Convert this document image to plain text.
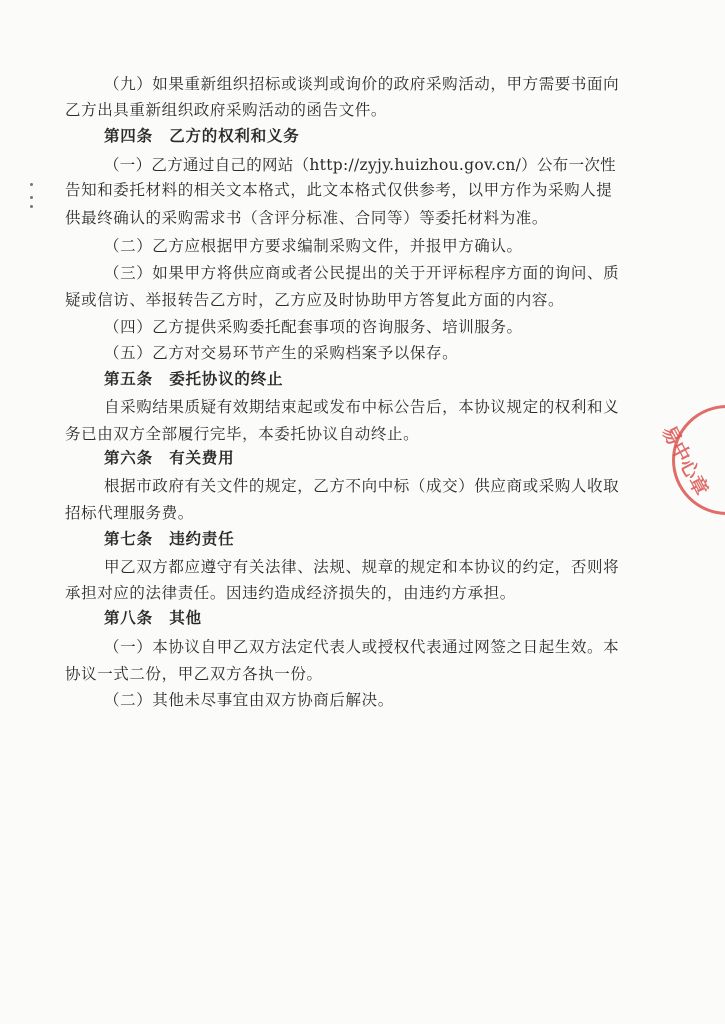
（九）如果重新组织招标或谈判或询价的政府采购活动，甲方需要书面向
乙方出具重新组织政府采购活动的函告文件。
第四条　乙方的权利和义务
（一）乙方通过自己的网站（http://zyjy.huizhou.gov.cn/）公布一次性
告知和委托材料的相关文本格式，此文本格式仅供参考，以甲方作为采购人提
供最终确认的采购需求书（含评分标准、合同等）等委托材料为准。
（二）乙方应根据甲方要求编制采购文件，并报甲方确认。
（三）如果甲方将供应商或者公民提出的关于开评标程序方面的询问、质
疑或信访、举报转告乙方时，乙方应及时协助甲方答复此方面的内容。
（四）乙方提供采购委托配套事项的咨询服务、培训服务。
（五）乙方对交易环节产生的采购档案予以保存。
第五条　委托协议的终止
自采购结果质疑有效期结束起或发布中标公告后，本协议规定的权利和义
务已由双方全部履行完毕，本委托协议自动终止。
第六条　有关费用
根据市政府有关文件的规定，乙方不向中标（成交）供应商或采购人收取
招标代理服务费。
第七条　违约责任
甲乙双方都应遵守有关法律、法规、规章的规定和本协议的约定，否则将
承担对应的法律责任。因违约造成经济损失的，由违约方承担。
第八条　其他
（一）本协议自甲乙双方法定代表人或授权代表通过网签之日起生效。本
协议一式二份，甲乙双方各执一份。
（二）其他未尽事宜由双方协商后解决。
易中心章
